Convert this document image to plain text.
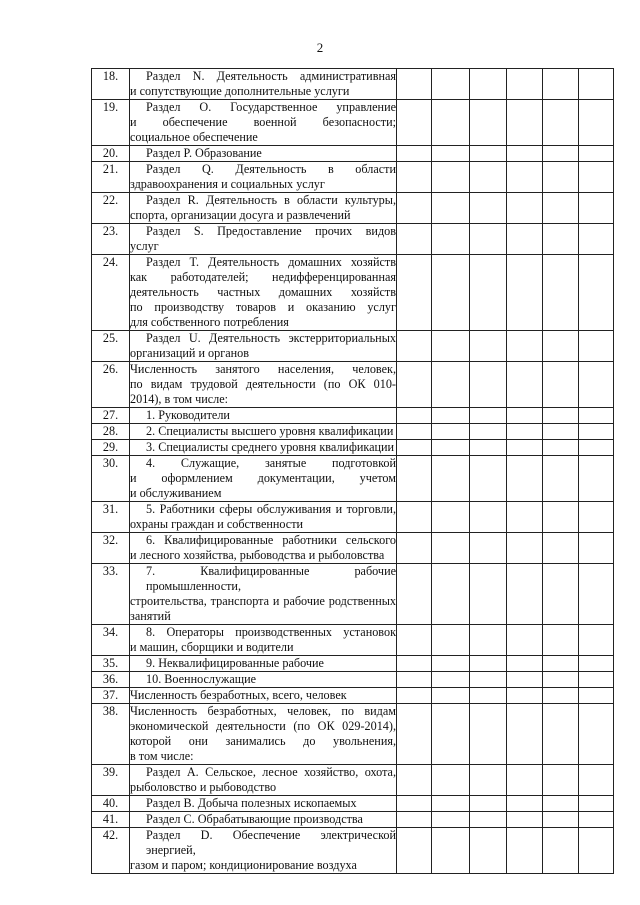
2
18.	Раздел N. Деятельность административная
и сопутствующие дополнительные услуги						

19.	Раздел O. Государственное управление
и обеспечение военной безопасности;
социальное обеспечение						

20.	Раздел P. Образование						

21.	Раздел Q. Деятельность в области
здравоохранения и социальных услуг						

22.	Раздел R. Деятельность в области культуры,
спорта, организации досуга и развлечений						

23.	Раздел S. Предоставление прочих видов
услуг						

24.	Раздел T. Деятельность домашних хозяйств
как работодателей; недифференцированная
деятельность частных домашних хозяйств
по производству товаров и оказанию услуг
для собственного потребления						

25.	Раздел U. Деятельность экстерриториальных
организаций и органов						

26.	Численность занятого населения, человек,
по видам трудовой деятельности (по ОК 010-
2014), в том числе:						

27.	1. Руководители						

28.	2. Специалисты высшего уровня квалификации						

29.	3. Специалисты среднего уровня квалификации						

30.	4. Служащие, занятые подготовкой
и оформлением документации, учетом
и обслуживанием						

31.	5. Работники сферы обслуживания и торговли,
охраны граждан и собственности						

32.	6. Квалифицированные работники сельского
и лесного хозяйства, рыбоводства и рыболовства						

33.	7. Квалифицированные рабочие промышленности,
строительства, транспорта и рабочие родственных
занятий						

34.	8. Операторы производственных установок
и машин, сборщики и водители						

35.	9. Неквалифицированные рабочие						

36.	10. Военнослужащие						

37.	Численность безработных, всего, человек						

38.	Численность безработных, человек, по видам
экономической деятельности (по ОК 029-2014),
которой они занимались до увольнения,
в том числе:						

39.	Раздел A. Сельское, лесное хозяйство, охота,
рыболовство и рыбоводство						

40.	Раздел B. Добыча полезных ископаемых						

41.	Раздел C. Обрабатывающие производства						

42.	Раздел D. Обеспечение электрической энергией,
газом и паром; кондиционирование воздуха						
